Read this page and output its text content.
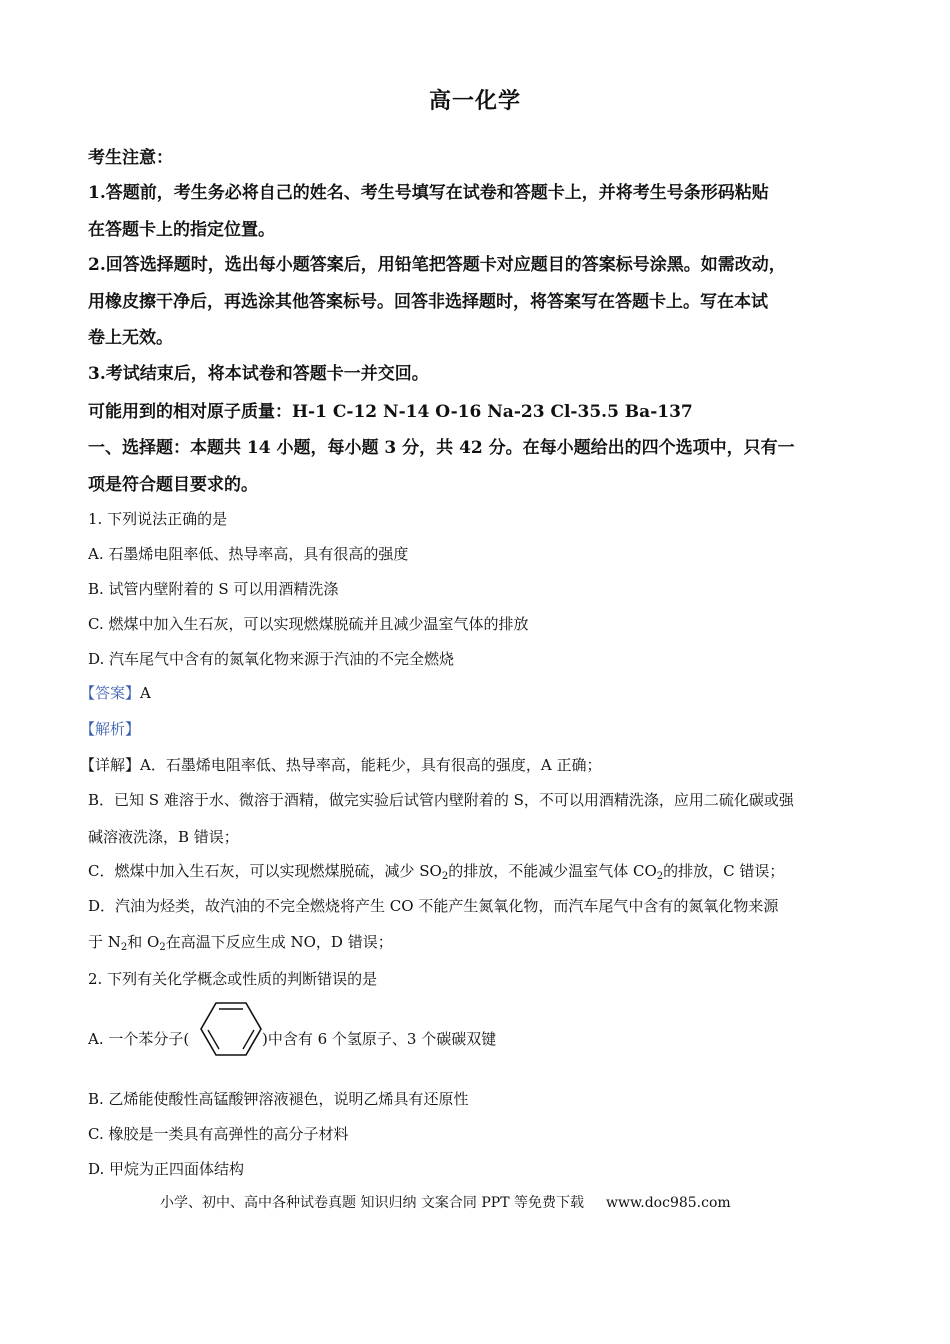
高一化学
考生注意：
1.答题前，考生务必将自己的姓名、考生号填写在试卷和答题卡上，并将考生号条形码粘贴
在答题卡上的指定位置。
2.回答选择题时，选出每小题答案后，用铅笔把答题卡对应题目的答案标号涂黑。如需改动，
用橡皮擦干净后，再选涂其他答案标号。回答非选择题时，将答案写在答题卡上。写在本试
卷上无效。
3.考试结束后，将本试卷和答题卡一并交回。
可能用到的相对原子质量：H-1 C-12 N-14 O-16 Na-23 Cl-35.5 Ba-137
一、选择题：本题共 14 小题，每小题 3 分，共 42 分。在每小题给出的四个选项中，只有一
项是符合题目要求的。
1. 下列说法正确的是
A. 石墨烯电阻率低、热导率高，具有很高的强度
B. 试管内壁附着的 S 可以用酒精洗涤
C. 燃煤中加入生石灰，可以实现燃煤脱硫并且减少温室气体的排放
D. 汽车尾气中含有的氮氧化物来源于汽油的不完全燃烧
【答案】A
【解析】
【详解】A．石墨烯电阻率低、热导率高，能耗少，具有很高的强度，A 正确；
B．已知 S 难溶于水、微溶于酒精，做完实验后试管内壁附着的 S，不可以用酒精洗涤，应用二硫化碳或强
碱溶液洗涤，B 错误；
C．燃煤中加入生石灰，可以实现燃煤脱硫，减少 $SO_2$的排放，不能减少温室气体 $CO_2$的排放，C 错误；
D．汽油为烃类，故汽油的不完全燃烧将产生 CO 不能产生氮氧化物，而汽车尾气中含有的氮氧化物来源
于 $N_2$和 $O_2$在高温下反应生成 NO，D 错误；
2. 下列有关化学概念或性质的判断错误的是
A. 一个苯分子(	)中含有 6 个氢原子、3 个碳碳双键
B. 乙烯能使酸性高锰酸钾溶液褪色，说明乙烯具有还原性
C. 橡胶是一类具有高弹性的高分子材料
D. 甲烷为正四面体结构
小学、初中、高中各种试卷真题 知识归纳 文案合同 PPT 等免费下载 www.doc985.com
